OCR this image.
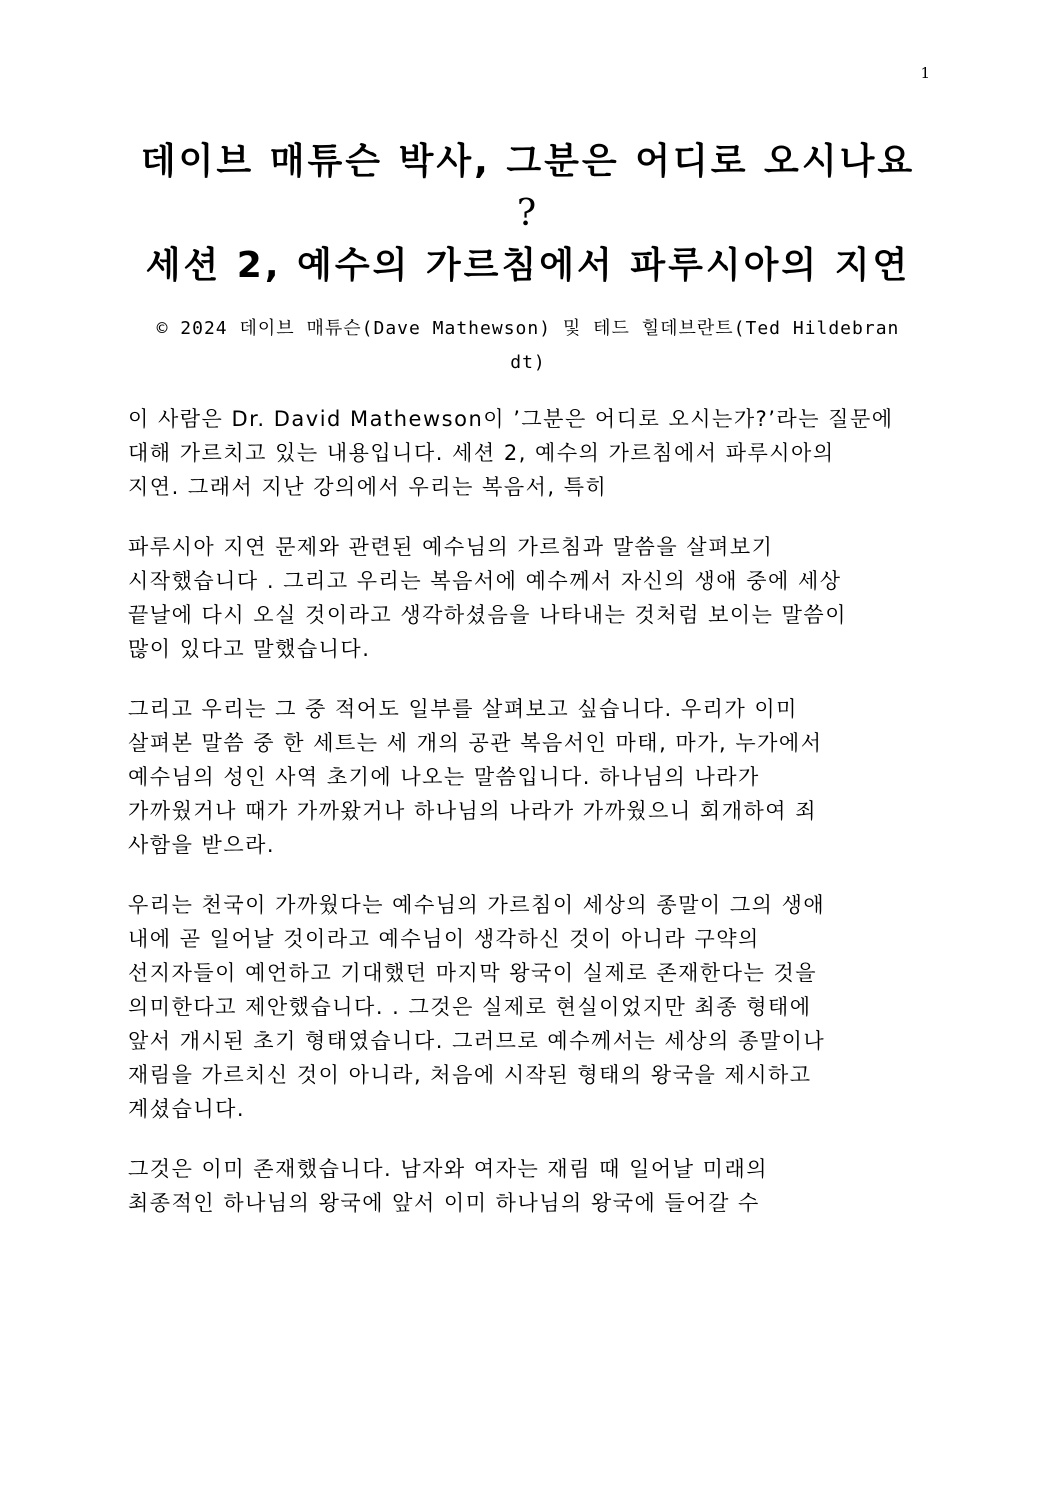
1
데이브 매튜슨 박사, 그분은 어디로 오시나요
?
세션 2, 예수의 가르침에서 파루시아의 지연
© 2024 데이브 매튜슨(Dave Mathewson) 및 테드 힐데브란트(Ted Hildebran
dt)
이 사람은 Dr. David Mathewson이 ’그분은 어디로 오시는가?’라는 질문에
대해 가르치고 있는 내용입니다. 세션 2, 예수의 가르침에서 파루시아의
지연. 그래서 지난 강의에서 우리는 복음서, 특히
파루시아 지연 문제와 관련된 예수님의 가르침과 말씀을 살펴보기
시작했습니다 . 그리고 우리는 복음서에 예수께서 자신의 생애 중에 세상
끝날에 다시 오실 것이라고 생각하셨음을 나타내는 것처럼 보이는 말씀이
많이 있다고 말했습니다.
그리고 우리는 그 중 적어도 일부를 살펴보고 싶습니다. 우리가 이미
살펴본 말씀 중 한 세트는 세 개의 공관 복음서인 마태, 마가, 누가에서
예수님의 성인 사역 초기에 나오는 말씀입니다. 하나님의 나라가
가까웠거나 때가 가까왔거나 하나님의 나라가 가까웠으니 회개하여 죄
사함을 받으라.
우리는 천국이 가까웠다는 예수님의 가르침이 세상의 종말이 그의 생애
내에 곧 일어날 것이라고 예수님이 생각하신 것이 아니라 구약의
선지자들이 예언하고 기대했던 마지막 왕국이 실제로 존재한다는 것을
의미한다고 제안했습니다. . 그것은 실제로 현실이었지만 최종 형태에
앞서 개시된 초기 형태였습니다. 그러므로 예수께서는 세상의 종말이나
재림을 가르치신 것이 아니라, 처음에 시작된 형태의 왕국을 제시하고
계셨습니다.
그것은 이미 존재했습니다. 남자와 여자는 재림 때 일어날 미래의
최종적인 하나님의 왕국에 앞서 이미 하나님의 왕국에 들어갈 수
